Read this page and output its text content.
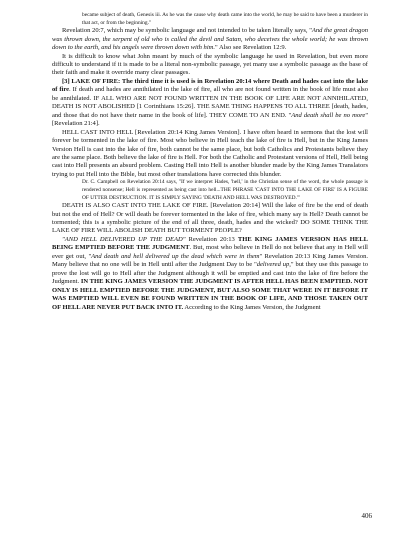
became subject of death, Genesis iii. As he was the cause why death came into the world, he may be said to have been a murderer in that act, or from the beginning."

Revelation 20:7, which may be symbolic language and not intended to be taken literally says, "And the great dragon was thrown down, the serpent of old who is called the devil and Satan, who deceives the whole world; he was thrown down to the earth, and his angels were thrown down with him." Also see Revelation 12:9.

It is difficult to know what John meant by much of the symbolic language he used in Revelation, but even more difficult to understand if it is made to be a literal non-symbolic passage, yet many use a symbolic passage as the base of their faith and make it override many clear passages.

[3] LAKE OF FIRE: The third time it is used is in Revelation 20:14 where Death and hades cast into the lake of fire. If death and hades are annihilated in the lake of fire, all who are not found written in the book of life must also be annihilated. IF ALL WHO ARE NOT FOUND WRITTEN IN THE BOOK OF LIFE ARE NOT ANNIHILATED, DEATH IS NOT ABOLISHED [1 Corinthians 15:26]. THE SAME THING HAPPENS TO ALL THREE [death, hades, and those that do not have their name in the book of life]. THEY COME TO AN END. "And death shall be no more" [Revelation 21:4].

HELL CAST INTO HELL [Revelation 20:14 King James Version]. I have often heard in sermons that the lost will forever be tormented in the lake of fire. Most who believe in Hell teach the lake of fire is Hell, but in the King James Version Hell is cast into the lake of fire, both cannot be the same place, but both Catholics and Protestants believe they are the same place. Both believe the lake of fire is Hell. For both the Catholic and Protestant versions of Hell, Hell being cast into Hell presents an absurd problem. Casting Hell into Hell is another blunder made by the King James Translators trying to put Hell into the Bible, but most other translations have corrected this blunder.

Dr. C. Campbell on Revelation 20:14 says, "If we interpret Hades, 'hell,' in the Christian sense of the word, the whole passage is rendered nonsense; Hell is represented as being cast into hell...THE PHRASE 'CAST INTO THE LAKE OF FIRE' IS A FIGURE OF UTTER DESTRUCTION. IT IS SIMPLY SAYING 'DEATH AND HELL WAS DESTROYED.'"

DEATH IS ALSO CAST INTO THE LAKE OF FIRE. [Revelation 20:14] Will the lake of fire be the end of death but not the end of Hell? Or will death be forever tormented in the lake of fire, which many say is Hell? Death cannot be tormented; this is a symbolic picture of the end of all three, death, hades and the wicked? DO SOME THINK THE LAKE OF FIRE WILL ABOLISH DEATH BUT TORMENT PEOPLE?

"AND HELL DELIVERED UP THE DEAD" Revelation 20:13 THE KING JAMES VERSION HAS HELL BEING EMPTIED BEFORE THE JUDGMENT. But, most who believe in Hell do not believe that any in Hell will ever get out, "And death and hell delivered up the dead which were in them" Revelation 20:13 King James Version. Many believe that no one will be in Hell until after the Judgment Day to be "delivered up," but they use this passage to prove the lost will go to Hell after the Judgment although it will be emptied and cast into the lake of fire before the Judgment. IN THE KING JAMES VERSION THE JUDGMENT IS AFTER HELL HAS BEEN EMPTIED. NOT ONLY IS HELL EMPTIED BEFORE THE JUDGMENT, BUT ALSO SOME THAT WERE IN IT BEFORE IT WAS EMPTIED WILL EVEN BE FOUND WRITTEN IN THE BOOK OF LIFE, AND THOSE TAKEN OUT OF HELL ARE NEVER PUT BACK INTO IT. According to the King James Version, the Judgment

406
